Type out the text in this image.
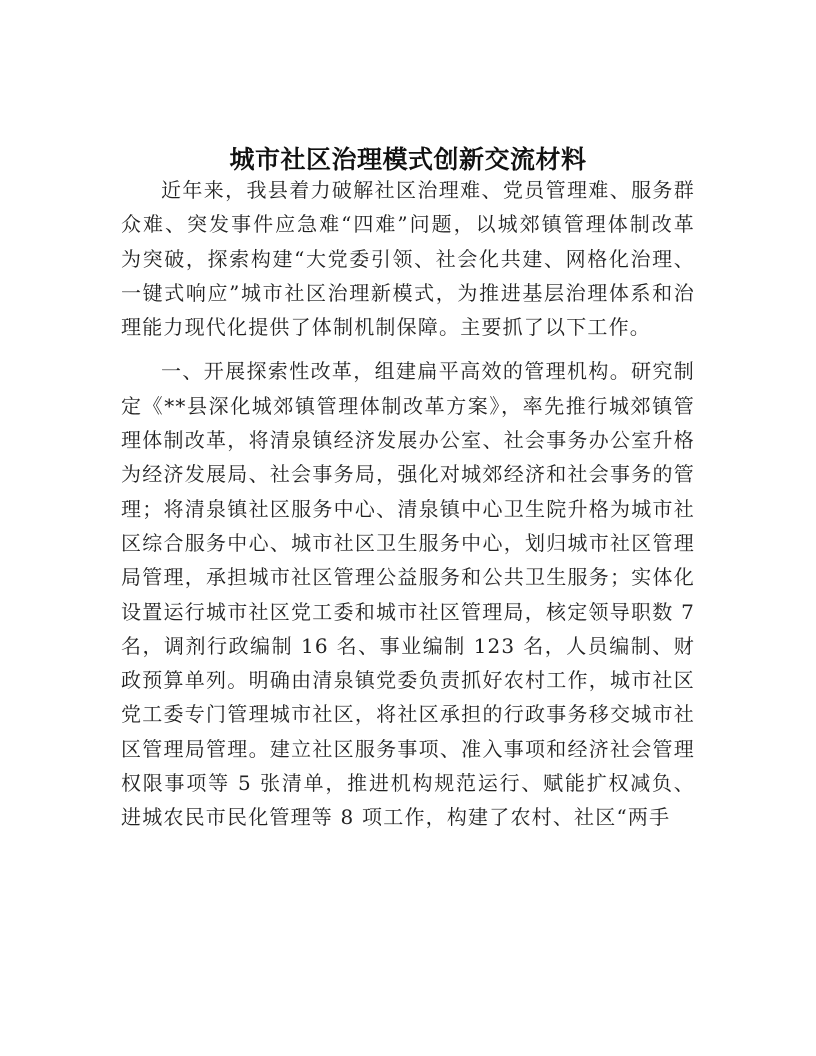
城市社区治理模式创新交流材料

近年来，我县着力破解社区治理难、党员管理难、服务群众难、突发事件应急难“四难”问题，以城郊镇管理体制改革为突破，探索构建“大党委引领、社会化共建、网格化治理、一键式响应”城市社区治理新模式，为推进基层治理体系和治理能力现代化提供了体制机制保障。主要抓了以下工作。

一、开展探索性改革，组建扁平高效的管理机构。研究制定《**县深化城郊镇管理体制改革方案》，率先推行城郊镇管理体制改革，将清泉镇经济发展办公室、社会事务办公室升格为经济发展局、社会事务局，强化对城郊经济和社会事务的管理；将清泉镇社区服务中心、清泉镇中心卫生院升格为城市社区综合服务中心、城市社区卫生服务中心，划归城市社区管理局管理，承担城市社区管理公益服务和公共卫生服务；实体化设置运行城市社区党工委和城市社区管理局，核定领导职数 7 名，调剂行政编制 16 名、事业编制 123 名，人员编制、财政预算单列。明确由清泉镇党委负责抓好农村工作，城市社区党工委专门管理城市社区，将社区承担的行政事务移交城市社区管理局管理。建立社区服务事项、准入事项和经济社会管理权限事项等 5 张清单，推进机构规范运行、赋能扩权减负、进城农民市民化管理等 8 项工作，构建了农村、社区“两手
